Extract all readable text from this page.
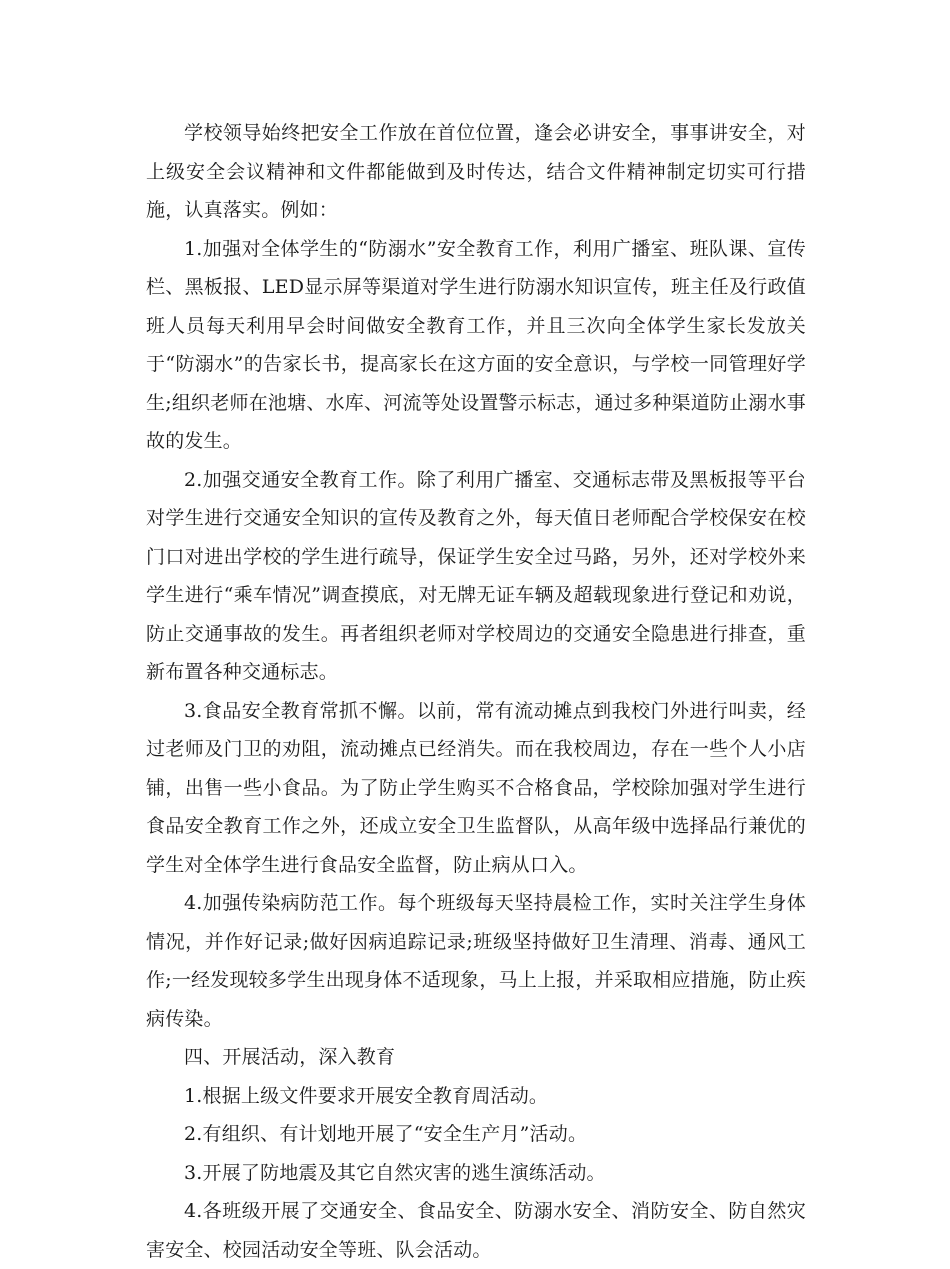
学校领导始终把安全工作放在首位位置，逢会必讲安全，事事讲安全，对上级安全会议精神和文件都能做到及时传达，结合文件精神制定切实可行措施，认真落实。例如：

1.加强对全体学生的“防溺水”安全教育工作，利用广播室、班队课、宣传栏、黑板报、LED显示屏等渠道对学生进行防溺水知识宣传，班主任及行政值班人员每天利用早会时间做安全教育工作，并且三次向全体学生家长发放关于“防溺水”的告家长书，提高家长在这方面的安全意识，与学校一同管理好学生;组织老师在池塘、水库、河流等处设置警示标志，通过多种渠道防止溺水事故的发生。

2.加强交通安全教育工作。除了利用广播室、交通标志带及黑板报等平台对学生进行交通安全知识的宣传及教育之外，每天值日老师配合学校保安在校门口对进出学校的学生进行疏导，保证学生安全过马路，另外，还对学校外来学生进行“乘车情况”调查摸底，对无牌无证车辆及超载现象进行登记和劝说，防止交通事故的发生。再者组织老师对学校周边的交通安全隐患进行排查，重新布置各种交通标志。

3.食品安全教育常抓不懈。以前，常有流动摊点到我校门外进行叫卖，经过老师及门卫的劝阻，流动摊点已经消失。而在我校周边，存在一些个人小店铺，出售一些小食品。为了防止学生购买不合格食品，学校除加强对学生进行食品安全教育工作之外，还成立安全卫生监督队，从高年级中选择品行兼优的学生对全体学生进行食品安全监督，防止病从口入。

4.加强传染病防范工作。每个班级每天坚持晨检工作，实时关注学生身体情况，并作好记录;做好因病追踪记录;班级坚持做好卫生清理、消毒、通风工作;一经发现较多学生出现身体不适现象，马上上报，并采取相应措施，防止疾病传染。

四、开展活动，深入教育

1.根据上级文件要求开展安全教育周活动。

2.有组织、有计划地开展了“安全生产月”活动。

3.开展了防地震及其它自然灾害的逃生演练活动。

4.各班级开展了交通安全、食品安全、防溺水安全、消防安全、防自然灾害安全、校园活动安全等班、队会活动。
